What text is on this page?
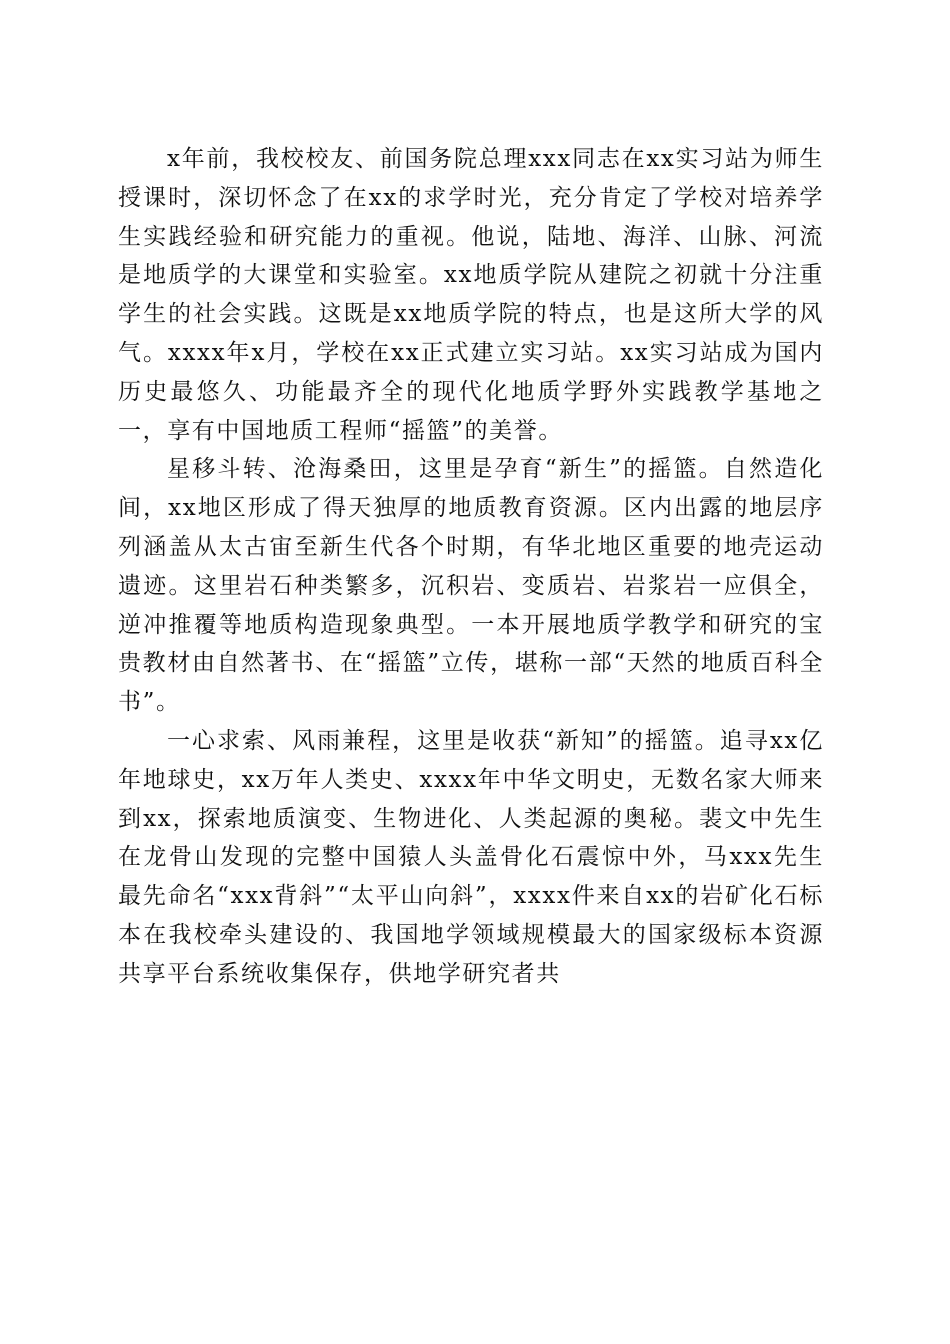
x年前，我校校友、前国务院总理xxx同志在xx实习站为师生授课时，深切怀念了在xx的求学时光，充分肯定了学校对培养学生实践经验和研究能力的重视。他说，陆地、海洋、山脉、河流是地质学的大课堂和实验室。xx地质学院从建院之初就十分注重学生的社会实践。这既是xx地质学院的特点，也是这所大学的风气。xxxx年x月，学校在xx正式建立实习站。xx实习站成为国内历史最悠久、功能最齐全的现代化地质学野外实践教学基地之一，享有中国地质工程师“摇篮”的美誉。

星移斗转、沧海桑田，这里是孕育“新生”的摇篮。自然造化间，xx地区形成了得天独厚的地质教育资源。区内出露的地层序列涵盖从太古宙至新生代各个时期，有华北地区重要的地壳运动遗迹。这里岩石种类繁多，沉积岩、变质岩、岩浆岩一应俱全，逆冲推覆等地质构造现象典型。一本开展地质学教学和研究的宝贵教材由自然著书、在“摇篮”立传，堪称一部“天然的地质百科全书”。

一心求索、风雨兼程，这里是收获“新知”的摇篮。追寻xx亿年地球史，xx万年人类史、xxxx年中华文明史，无数名家大师来到xx，探索地质演变、生物进化、人类起源的奥秘。裴文中先生在龙骨山发现的完整中国猿人头盖骨化石震惊中外，马xxx先生最先命名“xxx背斜”“太平山向斜”，xxxx件来自xx的岩矿化石标本在我校牵头建设的、我国地学领域规模最大的国家级标本资源共享平台系统收集保存，供地学研究者共
